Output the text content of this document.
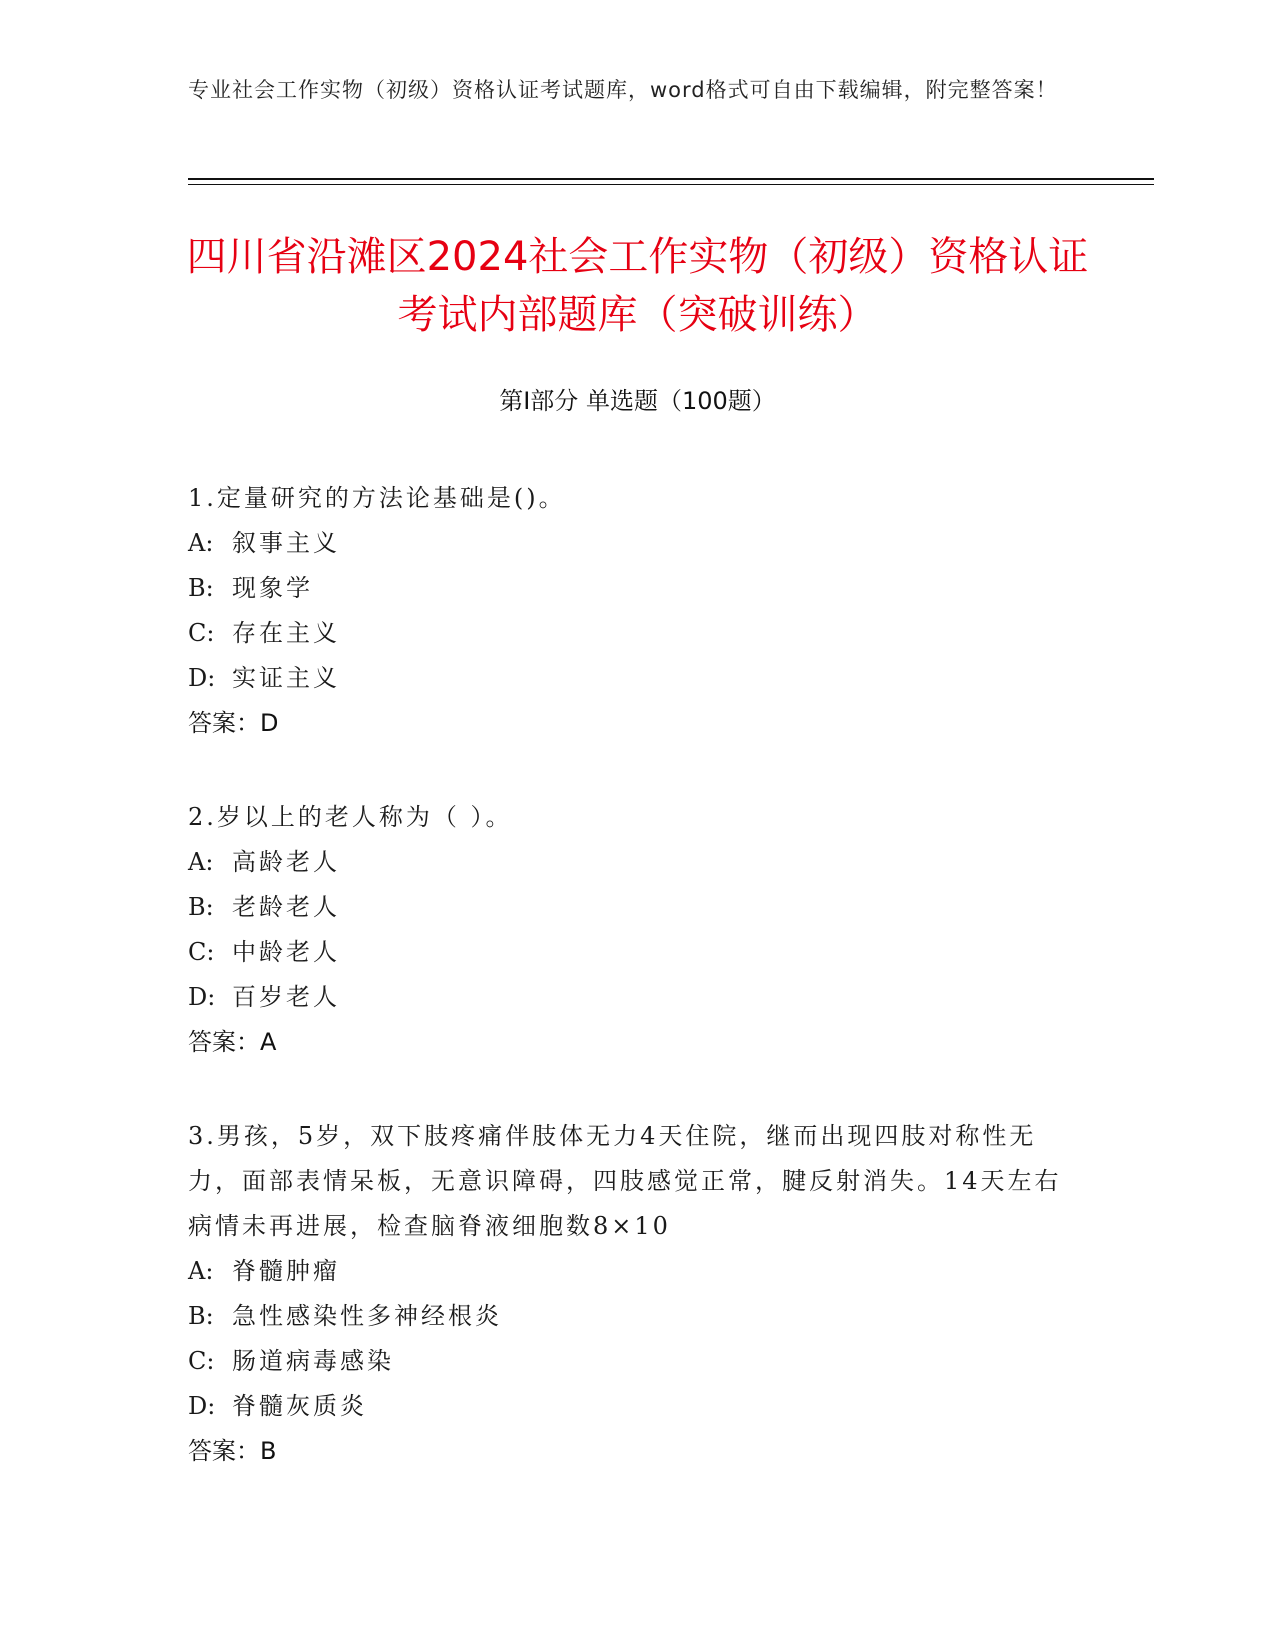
专业社会工作实物（初级）资格认证考试题库，word格式可自由下载编辑，附完整答案！
四川省沿滩区2024社会工作实物（初级）资格认证考试内部题库（突破训练）
第Ⅰ部分 单选题（100题）
1.定量研究的方法论基础是()。
A: 叙事主义
B: 现象学
C: 存在主义
D: 实证主义
答案：D
2.岁以上的老人称为（ ）。
A: 高龄老人
B: 老龄老人
C: 中龄老人
D: 百岁老人
答案：A
3.男孩，5岁，双下肢疼痛伴肢体无力4天住院，继而出现四肢对称性无力，面部表情呆板，无意识障碍，四肢感觉正常，腱反射消失。14天左右病情未再进展，检查脑脊液细胞数8×10
A: 脊髓肿瘤
B: 急性感染性多神经根炎
C: 肠道病毒感染
D: 脊髓灰质炎
答案：B
